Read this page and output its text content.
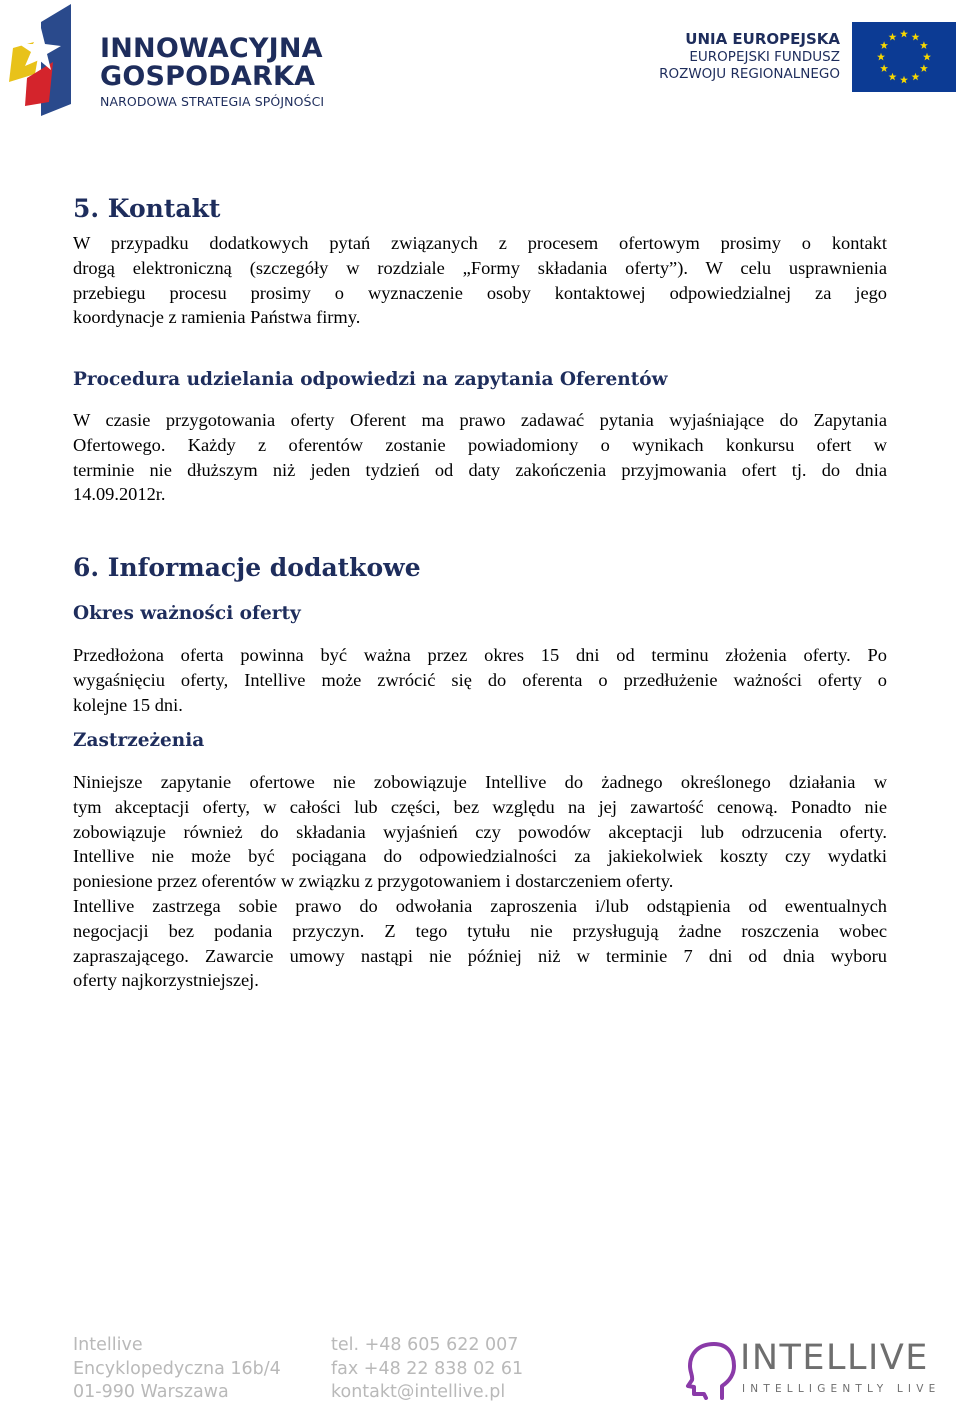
INNOWACYJNA
GOSPODARKA
NARODOWA STRATEGIA SPÓJNOŚCI
UNIA EUROPEJSKA
EUROPEJSKI FUNDUSZ
ROZWOJU REGIONALNEGO
5. Kontakt
W przypadku dodatkowych pytań związanych z procesem ofertowym prosimy o kontakt
drogą elektroniczną (szczegóły w rozdziale „Formy składania oferty”). W celu usprawnienia
przebiegu procesu prosimy o wyznaczenie osoby kontaktowej odpowiedzialnej za jego
koordynacje z ramienia Państwa firmy.
Procedura udzielania odpowiedzi na zapytania Oferentów
W czasie przygotowania oferty Oferent ma prawo zadawać pytania wyjaśniające do Zapytania
Ofertowego. Każdy z oferentów zostanie powiadomiony o wynikach konkursu ofert w
terminie nie dłuższym niż jeden tydzień od daty zakończenia przyjmowania ofert tj. do dnia
14.09.2012r.
6. Informacje dodatkowe
Okres ważności oferty
Przedłożona oferta powinna być ważna przez okres 15 dni od terminu złożenia oferty. Po
wygaśnięciu oferty, Intellive może zwrócić się do oferenta o przedłużenie ważności oferty o
kolejne 15 dni.
Zastrzeżenia
Niniejsze zapytanie ofertowe nie zobowiązuje Intellive do żadnego określonego działania w
tym akceptacji oferty, w całości lub części, bez względu na jej zawartość cenową. Ponadto nie
zobowiązuje również do składania wyjaśnień czy powodów akceptacji lub odrzucenia oferty.
Intellive nie może być pociągana do odpowiedzialności za jakiekolwiek koszty czy wydatki
poniesione przez oferentów w związku z przygotowaniem i dostarczeniem oferty.
Intellive zastrzega sobie prawo do odwołania zaproszenia i/lub odstąpienia od ewentualnych
negocjacji bez podania przyczyn. Z tego tytułu nie przysługują żadne roszczenia wobec
zapraszającego. Zawarcie umowy nastąpi nie później niż w terminie 7 dni od dnia wyboru
oferty najkorzystniejszej.
Intellive
Encyklopedyczna 16b/4
01-990 Warszawa
tel. +48 605 622 007
fax +48 22 838 02 61
kontakt@intellive.pl
INTELLIVE
INTELLIGENTLY LIVE
